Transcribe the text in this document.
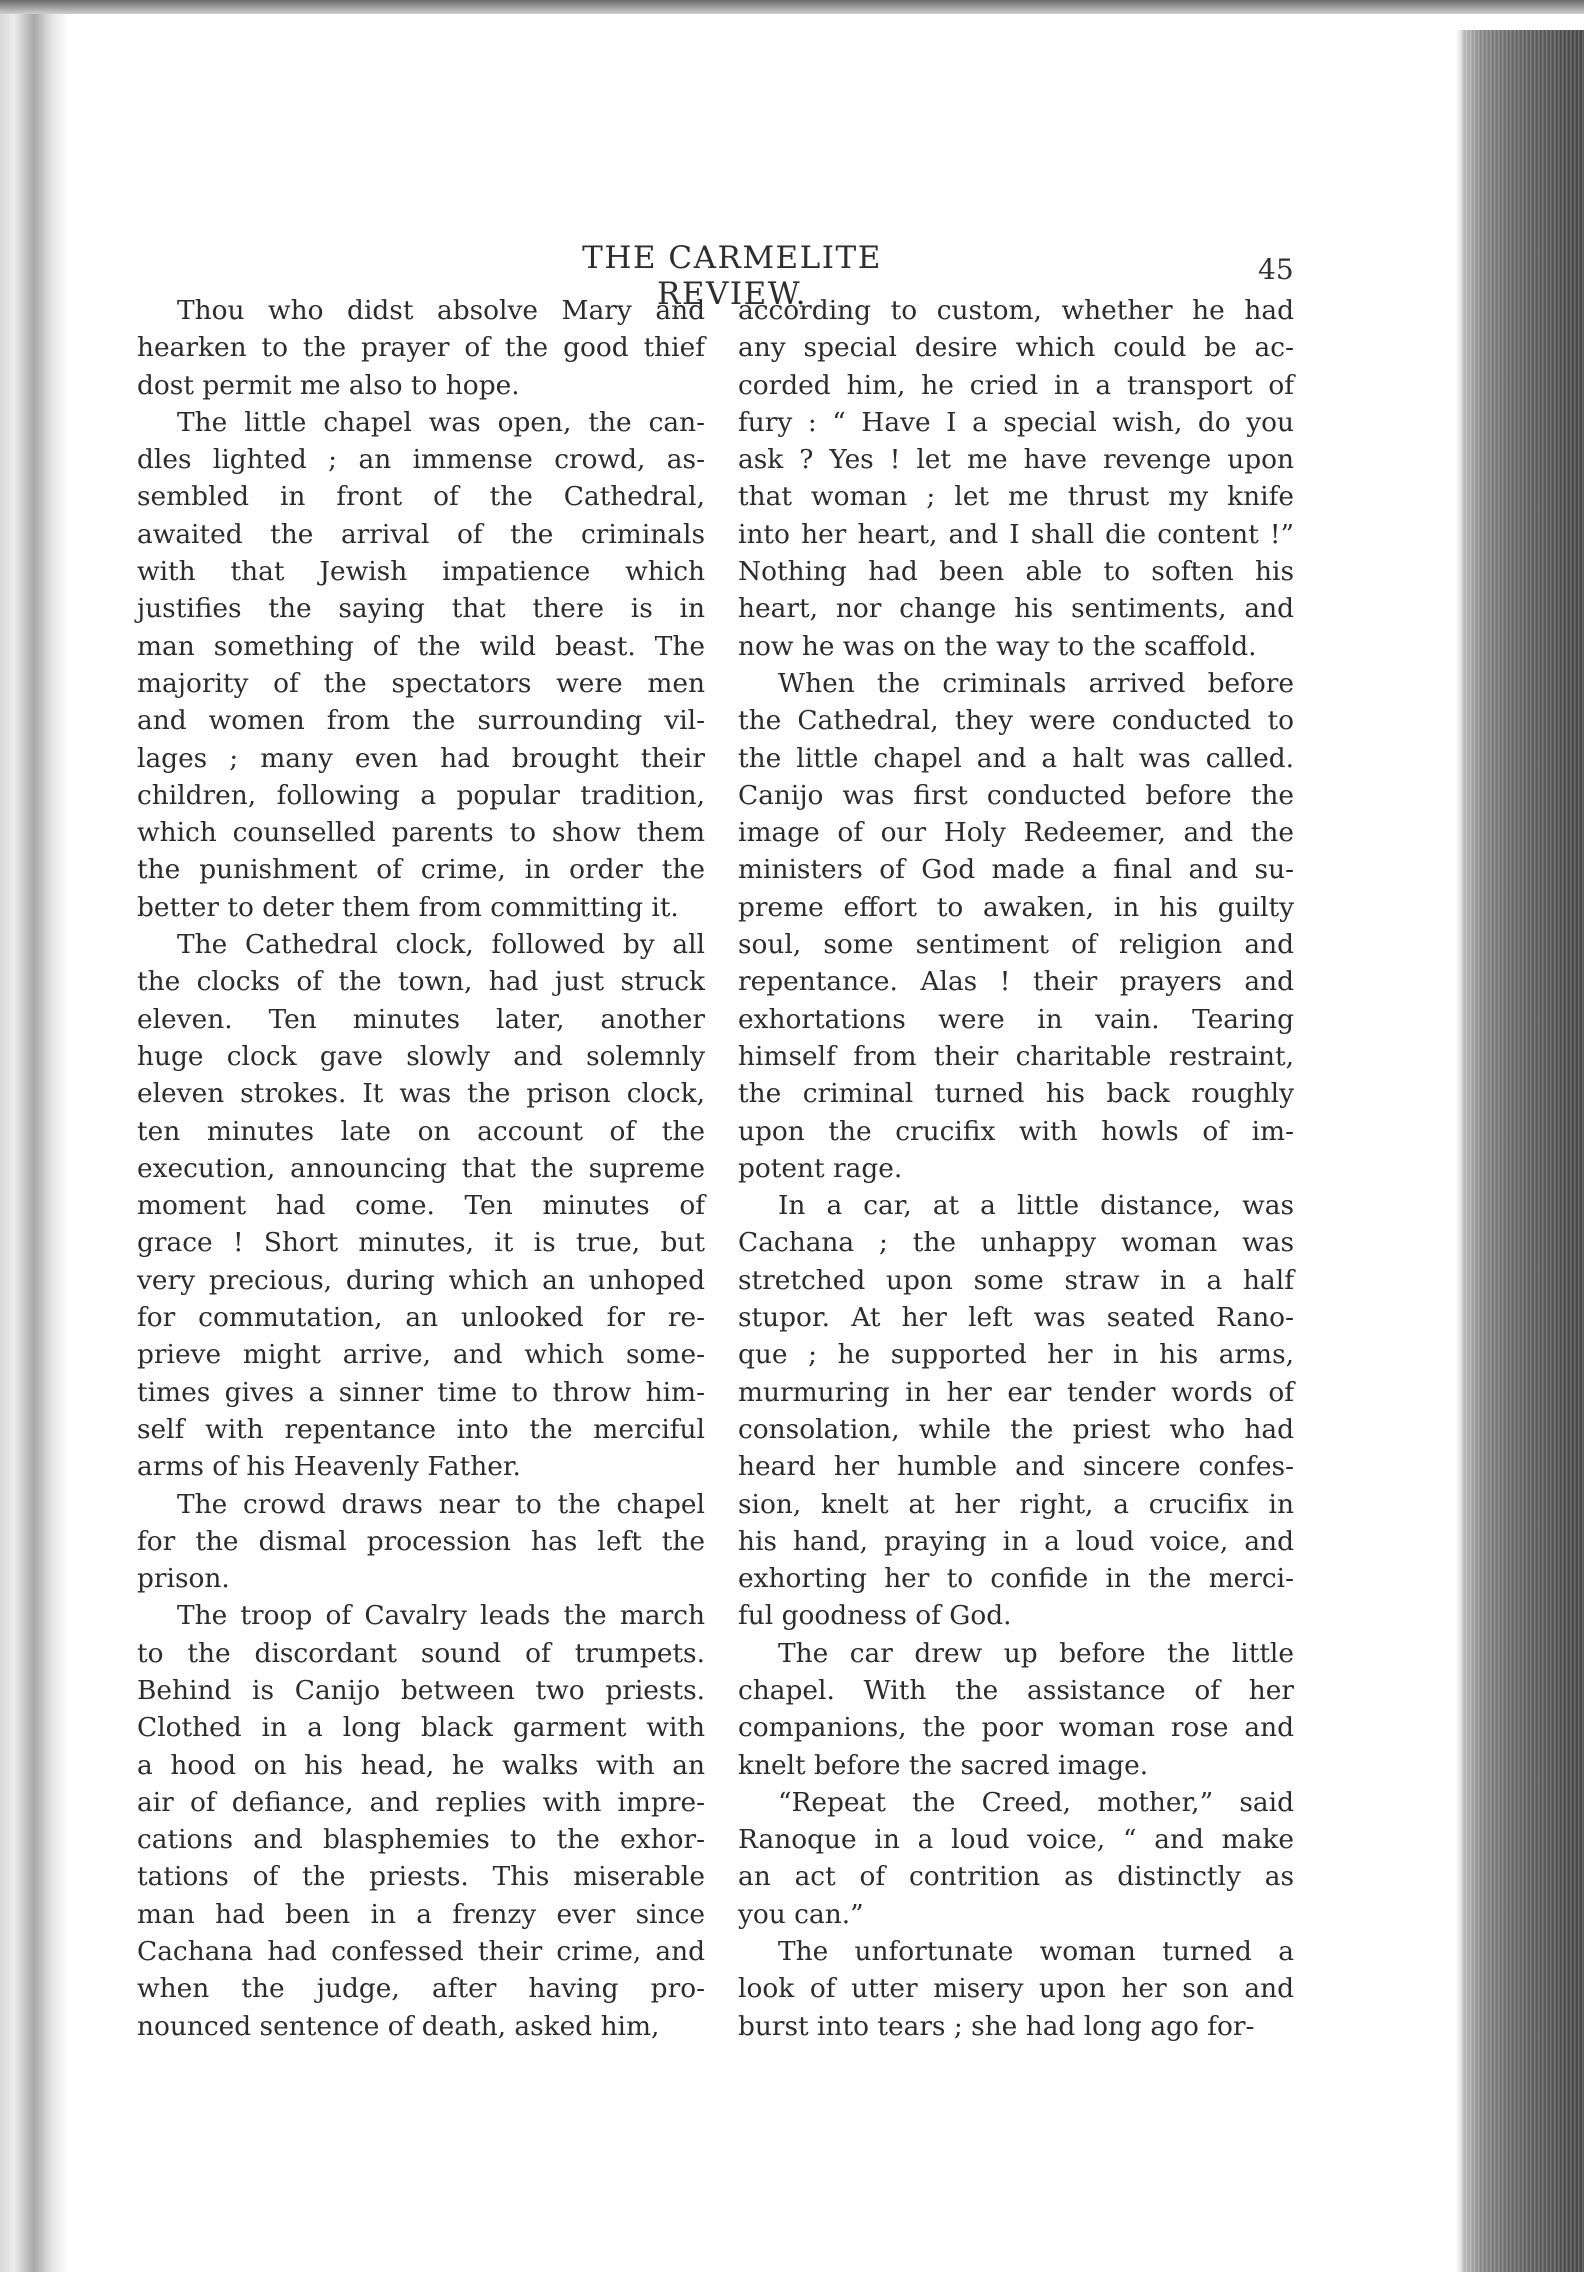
THE CARMELITE REVIEW.
45
Thou who didst absolve Mary and
hearken to the prayer of the good thief
dost permit me also to hope.
The little chapel was open, the can-
dles lighted ; an immense crowd, as-
sembled in front of the Cathedral,
awaited the arrival of the criminals
with that Jewish impatience which
justifies the saying that there is in
man something of the wild beast. The
majority of the spectators were men
and women from the surrounding vil-
lages ; many even had brought their
children, following a popular tradition,
which counselled parents to show them
the punishment of crime, in order the
better to deter them from committing it.
The Cathedral clock, followed by all
the clocks of the town, had just struck
eleven. Ten minutes later, another
huge clock gave slowly and solemnly
eleven strokes. It was the prison clock,
ten minutes late on account of the
execution, announcing that the supreme
moment had come. Ten minutes of
grace ! Short minutes, it is true, but
very precious, during which an unhoped
for commutation, an unlooked for re-
prieve might arrive, and which some-
times gives a sinner time to throw him-
self with repentance into the merciful
arms of his Heavenly Father.
The crowd draws near to the chapel
for the dismal procession has left the
prison.
The troop of Cavalry leads the march
to the discordant sound of trumpets.
Behind is Canijo between two priests.
Clothed in a long black garment with
a hood on his head, he walks with an
air of defiance, and replies with impre-
cations and blasphemies to the exhor-
tations of the priests. This miserable
man had been in a frenzy ever since
Cachana had confessed their crime, and
when the judge, after having pro-
nounced sentence of death, asked him,
according to custom, whether he had
any special desire which could be ac-
corded him, he cried in a transport of
fury : “ Have I a special wish, do you
ask ? Yes ! let me have revenge upon
that woman ; let me thrust my knife
into her heart, and I shall die content !”
Nothing had been able to soften his
heart, nor change his sentiments, and
now he was on the way to the scaffold.
When the criminals arrived before
the Cathedral, they were conducted to
the little chapel and a halt was called.
Canijo was first conducted before the
image of our Holy Redeemer, and the
ministers of God made a final and su-
preme effort to awaken, in his guilty
soul, some sentiment of religion and
repentance. Alas ! their prayers and
exhortations were in vain. Tearing
himself from their charitable restraint,
the criminal turned his back roughly
upon the crucifix with howls of im-
potent rage.
In a car, at a little distance, was
Cachana ; the unhappy woman was
stretched upon some straw in a half
stupor. At her left was seated Rano-
que ; he supported her in his arms,
murmuring in her ear tender words of
consolation, while the priest who had
heard her humble and sincere confes-
sion, knelt at her right, a crucifix in
his hand, praying in a loud voice, and
exhorting her to confide in the merci-
ful goodness of God.
The car drew up before the little
chapel. With the assistance of her
companions, the poor woman rose and
knelt before the sacred image.
“Repeat the Creed, mother,” said
Ranoque in a loud voice, “ and make
an act of contrition as distinctly as
you can.”
The unfortunate woman turned a
look of utter misery upon her son and
burst into tears ; she had long ago for-
